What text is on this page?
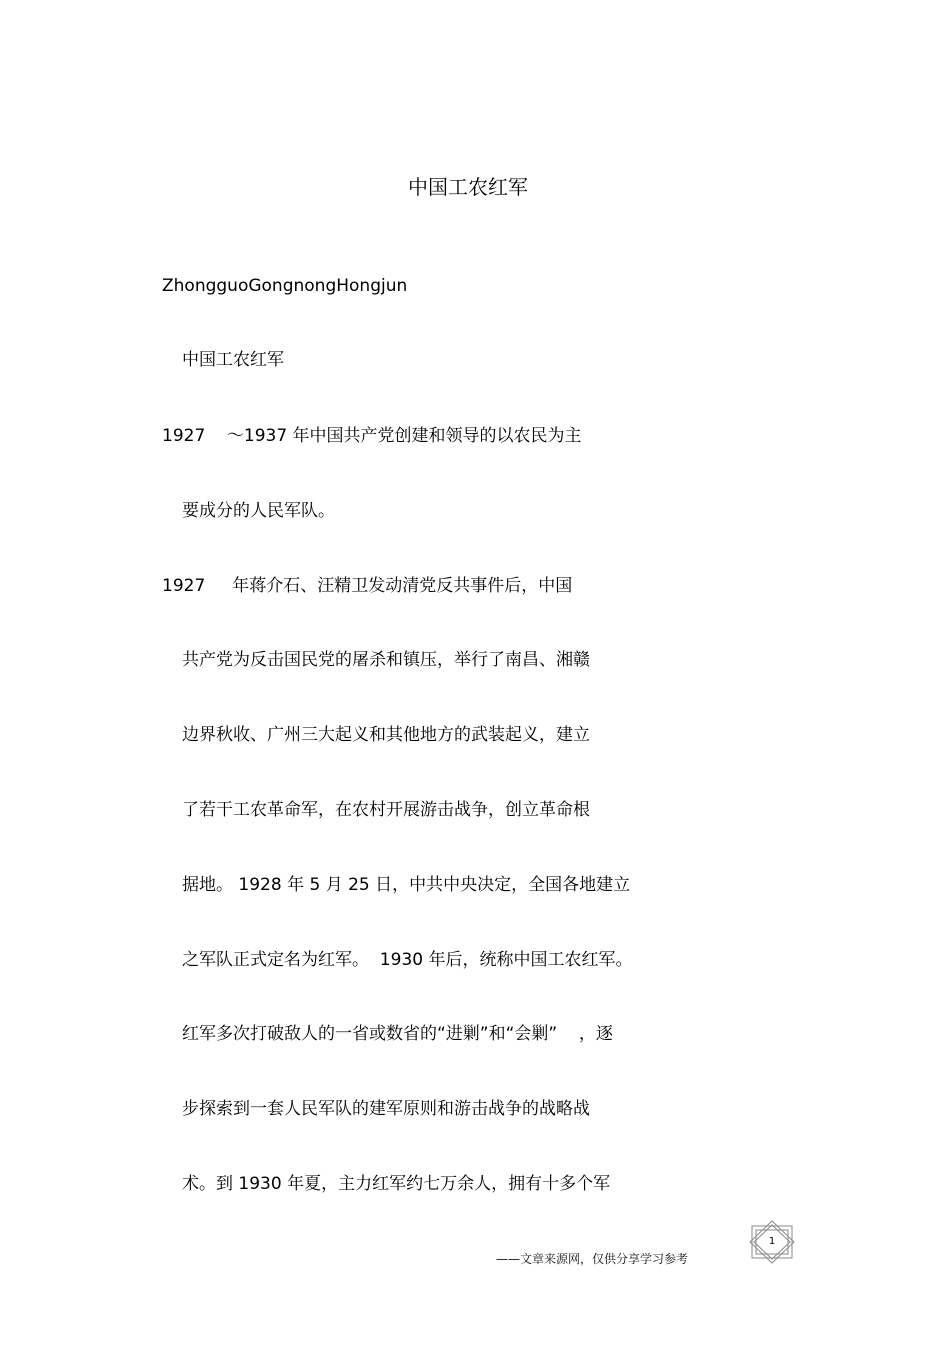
中国工农红军
ZhongguoGongnongHongjun
中国工农红军
1927    ～1937 年中国共产党创建和领导的以农民为主
要成分的人民军队。
1927     年蒋介石、汪精卫发动清党反共事件后，中国
共产党为反击国民党的屠杀和镇压，举行了南昌、湘赣
边界秋收、广州三大起义和其他地方的武装起义，建立
了若干工农革命军，在农村开展游击战争，创立革命根
据地。 1928 年 5 月 25 日，中共中央决定，全国各地建立
之军队正式定名为红军。  1930 年后，统称中国工农红军。
红军多次打破敌人的一省或数省的“进剿”和“会剿”    ，逐
步探索到一套人民军队的建军原则和游击战争的战略战
术。到 1930 年夏，主力红军约七万余人，拥有十多个军
1
——文章来源网，仅供分享学习参考
